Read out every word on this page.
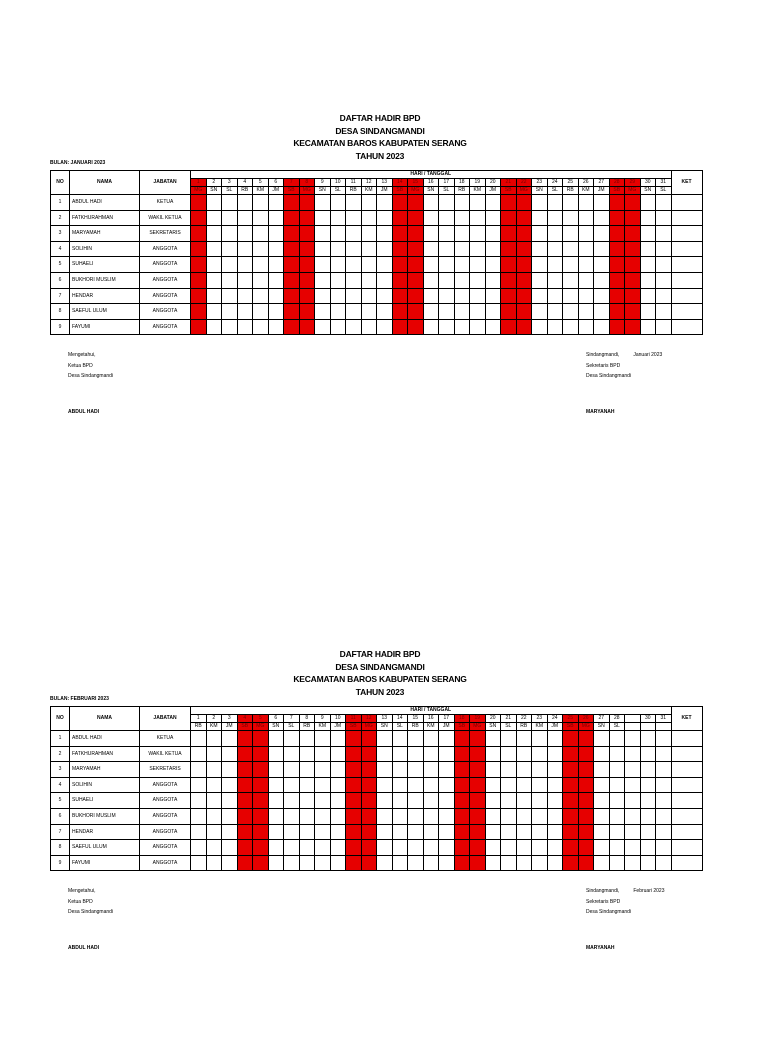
DAFTAR HADIR BPD
DESA SINDANGMANDI
KECAMATAN BAROS KABUPATEN SERANG
TAHUN 2023
BULAN: JANUARI 2023
NO	NAMA	JABATAN	HARI / TANGGAL																															KET
			1	2	3	4	5	6	7	8	9	10	11	12	13	14	15	16	17	18	19	20	21	22	23	24	25	26	27	28	29	30	31	
			MG	SN	SL	RB	KM	JM	SB	MG	SN	SL	RB	KM	JM	SB	MG	SN	SL	RB	KM	JM	SB	MG	SN	SL	RB	KM	JM	SB	MG	SN	SL	
1	ABDUL HADI	KETUA																																
2	FATKHURAHMAN	WAKIL KETUA																																
3	MARYAMAH	SEKRETARIS																																
4	SOLIHIN	ANGGOTA																																
5	SUHAELI	ANGGOTA																																
6	BUKHORI MUSLIM	ANGGOTA																																
7	HENDAR	ANGGOTA																																
8	SAEFUL ULUM	ANGGOTA																																
9	FAYUMI	ANGGOTA																																
Mengetahui,
Ketua BPD
Desa Sindangmandi
Sindangmandi,	Januari 2023
Sekretaris BPD
Desa Sindangmandi
ABDUL HADI	MARYANAH
DAFTAR HADIR BPD
DESA SINDANGMANDI
KECAMATAN BAROS KABUPATEN SERANG
TAHUN 2023
BULAN: FEBRUARI 2023
NO	NAMA	JABATAN	HARI / TANGGAL																															KET
			1	2	3	4	5	6	7	8	9	10	11	12	13	14	15	16	17	18	19	20	21	22	23	24	25	26	27	28		30	31	
			RB	KM	JM	SB	MG	SN	SL	RB	KM	JM	SB	MG	SN	SL	RB	KM	JM	SB	MG	SN	SL	RB	KM	JM	SB	MG	SN	SL				
1	ABDUL HADI	KETUA																																
2	FATKHURAHMAN	WAKIL KETUA																																
3	MARYAMAH	SEKRETARIS																																
4	SOLIHIN	ANGGOTA																																
5	SUHAELI	ANGGOTA																																
6	BUKHORI MUSLIM	ANGGOTA																																
7	HENDAR	ANGGOTA																																
8	SAEFUL ULUM	ANGGOTA																																
9	FAYUMI	ANGGOTA																																
Mengetahui,
Ketua BPD
Desa Sindangmandi
Sindangmandi,	Februari 2023
Sekretaris BPD
Desa Sindangmandi
ABDUL HADI	MARYANAH
